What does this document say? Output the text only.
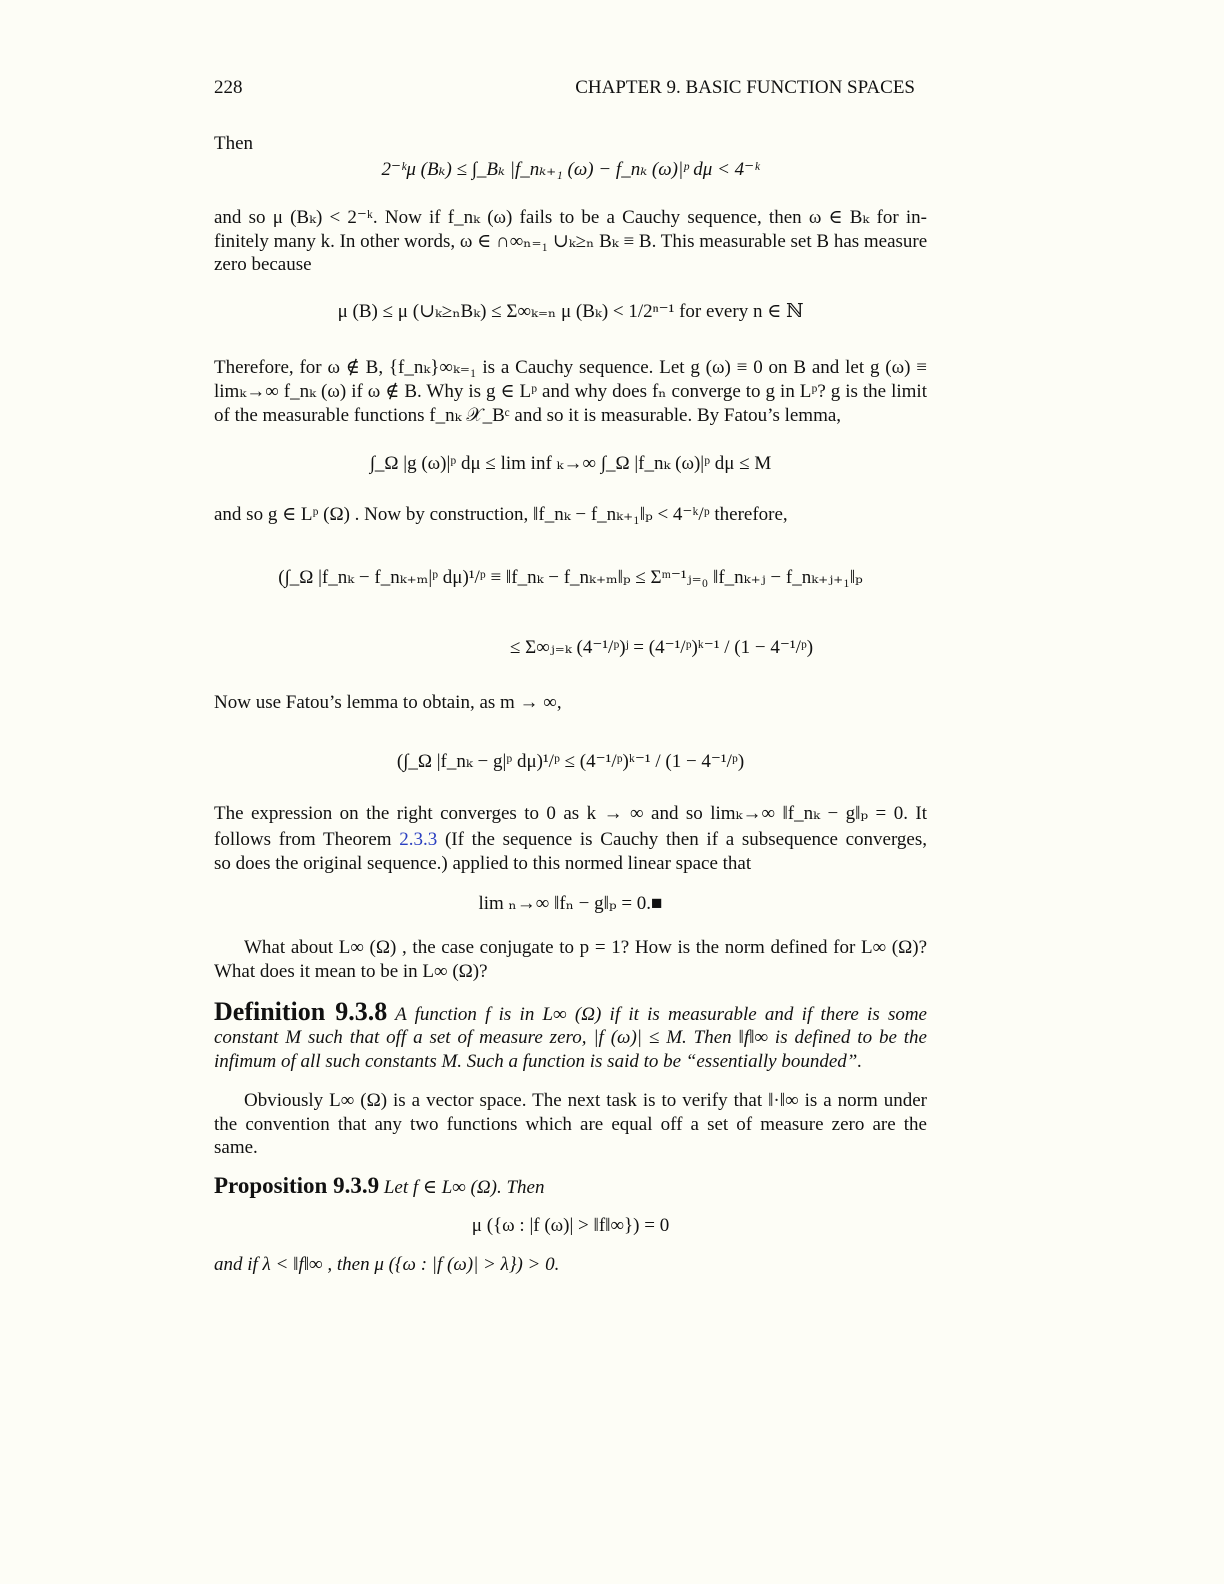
228	CHAPTER 9. BASIC FUNCTION SPACES
Then
2⁻ᵏμ (Bₖ) ≤ ∫_Bₖ |f_nₖ₊₁ (ω) − f_nₖ (ω)|ᵖ dμ < 4⁻ᵏ
and so μ (Bₖ) < 2⁻ᵏ. Now if f_nₖ (ω) fails to be a Cauchy sequence, then ω ∈ Bₖ for in-
finitely many k. In other words, ω ∈ ∩∞ₙ₌₁ ∪ₖ≥ₙ Bₖ ≡ B. This measurable set B has measure
zero because
μ (B) ≤ μ (∪ₖ≥ₙBₖ) ≤ Σ∞ₖ₌ₙ μ (Bₖ) < 1/2ⁿ⁻¹ for every n ∈ ℕ
Therefore, for ω ∉ B, {f_nₖ}∞ₖ₌₁ is a Cauchy sequence. Let g (ω) ≡ 0 on B and let g (ω) ≡
limₖ→∞ f_nₖ (ω) if ω ∉ B. Why is g ∈ Lᵖ and why does fₙ converge to g in Lᵖ? g is the limit
of the measurable functions f_nₖ 𝒳_Bᶜ and so it is measurable. By Fatou’s lemma,
∫_Ω |g (ω)|ᵖ dμ ≤ lim inf ₖ→∞ ∫_Ω |f_nₖ (ω)|ᵖ dμ ≤ M
and so g ∈ Lᵖ (Ω) . Now by construction, ‖f_nₖ − f_nₖ₊₁‖ₚ < 4⁻ᵏ/ᵖ therefore,
(∫_Ω |f_nₖ − f_nₖ₊ₘ|ᵖ dμ)¹/ᵖ ≡ ‖f_nₖ − f_nₖ₊ₘ‖ₚ ≤ Σᵐ⁻¹ⱼ₌₀ ‖f_nₖ₊ⱼ − f_nₖ₊ⱼ₊₁‖ₚ
≤ Σ∞ⱼ₌ₖ (4⁻¹/ᵖ)ʲ = (4⁻¹/ᵖ)ᵏ⁻¹ / (1 − 4⁻¹/ᵖ)
Now use Fatou’s lemma to obtain, as m → ∞,
(∫_Ω |f_nₖ − g|ᵖ dμ)¹/ᵖ ≤ (4⁻¹/ᵖ)ᵏ⁻¹ / (1 − 4⁻¹/ᵖ)
The expression on the right converges to 0 as k → ∞ and so limₖ→∞ ‖f_nₖ − g‖ₚ = 0. It
follows from Theorem 2.3.3 (If the sequence is Cauchy then if a subsequence converges,
so does the original sequence.) applied to this normed linear space that
lim ₙ→∞ ‖fₙ − g‖ₚ = 0.■
What about L∞ (Ω) , the case conjugate to p = 1? How is the norm defined for L∞ (Ω)?
What does it mean to be in L∞ (Ω)?
Definition 9.3.8 A function f is in L∞ (Ω) if it is measurable and if there is some
constant M such that off a set of measure zero, |f (ω)| ≤ M. Then ‖f‖∞ is defined to be the
infimum of all such constants M. Such a function is said to be “essentially bounded”.
Obviously L∞ (Ω) is a vector space. The next task is to verify that ‖·‖∞ is a norm under
the convention that any two functions which are equal off a set of measure zero are the
same.
Proposition 9.3.9 Let f ∈ L∞ (Ω). Then
μ ({ω : |f (ω)| > ‖f‖∞}) = 0
and if λ < ‖f‖∞ , then μ ({ω : |f (ω)| > λ}) > 0.
